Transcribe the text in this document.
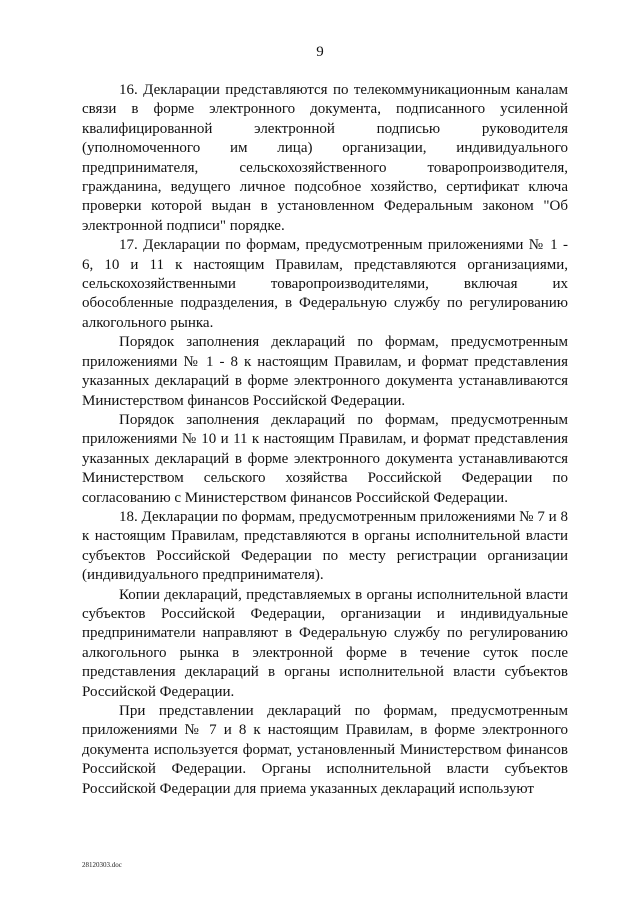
9

16. Декларации представляются по телекоммуникационным каналам связи в форме электронного документа, подписанного усиленной квалифицированной электронной подписью руководителя (уполномоченного им лица) организации, индивидуального предпринимателя, сельскохозяйственного товаропроизводителя, гражданина, ведущего личное подсобное хозяйство, сертификат ключа проверки которой выдан в установленном Федеральным законом "Об электронной подписи" порядке.

17. Декларации по формам, предусмотренным приложениями № 1 - 6, 10 и 11 к настоящим Правилам, представляются организациями, сельскохозяйственными товаропроизводителями, включая их обособленные подразделения, в Федеральную службу по регулированию алкогольного рынка.

Порядок заполнения деклараций по формам, предусмотренным приложениями № 1 - 8 к настоящим Правилам, и формат представления указанных деклараций в форме электронного документа устанавливаются Министерством финансов Российской Федерации.

Порядок заполнения деклараций по формам, предусмотренным приложениями № 10 и 11 к настоящим Правилам, и формат представления указанных деклараций в форме электронного документа устанавливаются Министерством сельского хозяйства Российской Федерации по согласованию с Министерством финансов Российской Федерации.

18. Декларации по формам, предусмотренным приложениями № 7 и 8 к настоящим Правилам, представляются в органы исполнительной власти субъектов Российской Федерации по месту регистрации организации (индивидуального предпринимателя).

Копии деклараций, представляемых в органы исполнительной власти субъектов Российской Федерации, организации и индивидуальные предприниматели направляют в Федеральную службу по регулированию алкогольного рынка в электронной форме в течение суток после представления деклараций в органы исполнительной власти субъектов Российской Федерации.

При представлении деклараций по формам, предусмотренным приложениями № 7 и 8 к настоящим Правилам, в форме электронного документа используется формат, установленный Министерством финансов Российской Федерации. Органы исполнительной власти субъектов Российской Федерации для приема указанных деклараций используют

28120303.doc
